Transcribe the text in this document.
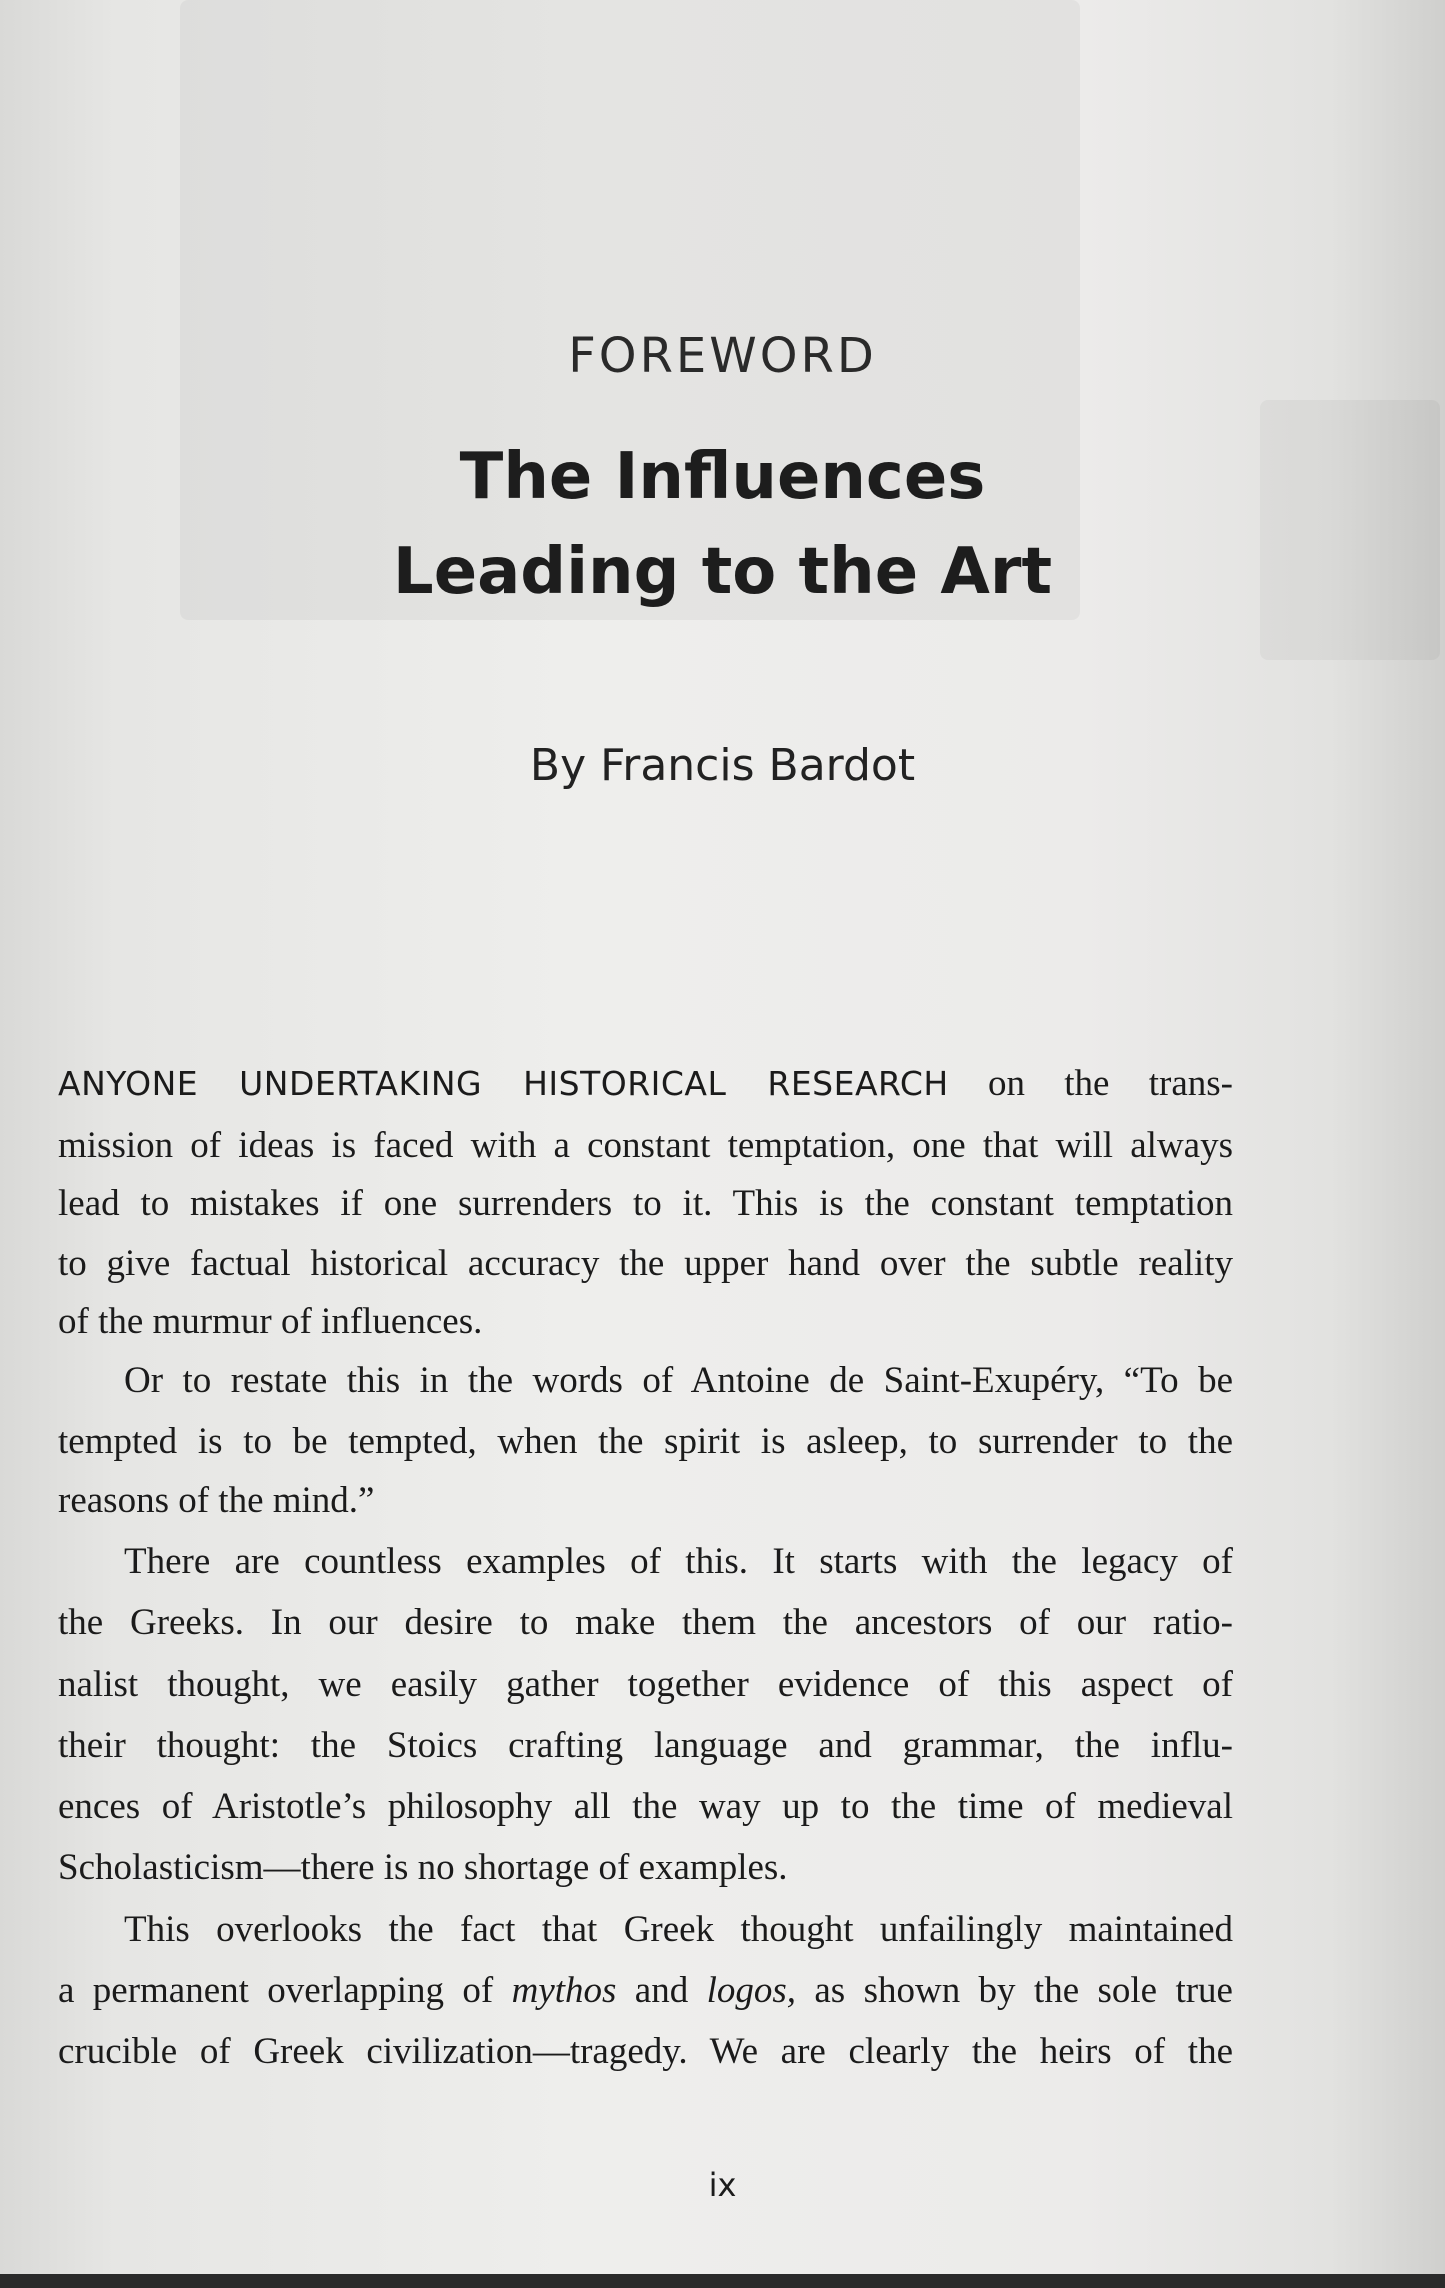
FOREWORD
The Influences
Leading to the Art
By Francis Bardot
ANYONE UNDERTAKING HISTORICAL RESEARCH on the trans-
mission of ideas is faced with a constant temptation, one that will always
lead to mistakes if one surrenders to it. This is the constant temptation
to give factual historical accuracy the upper hand over the subtle reality
of the murmur of influences.
Or to restate this in the words of Antoine de Saint-Exupéry, “To be
tempted is to be tempted, when the spirit is asleep, to surrender to the
reasons of the mind.”
There are countless examples of this. It starts with the legacy of
the Greeks. In our desire to make them the ancestors of our ratio-
nalist thought, we easily gather together evidence of this aspect of
their thought: the Stoics crafting language and grammar, the influ-
ences of Aristotle’s philosophy all the way up to the time of medieval
Scholasticism—there is no shortage of examples.
This overlooks the fact that Greek thought unfailingly maintained
a permanent overlapping of mythos and logos, as shown by the sole true
crucible of Greek civilization—tragedy. We are clearly the heirs of the
ix
